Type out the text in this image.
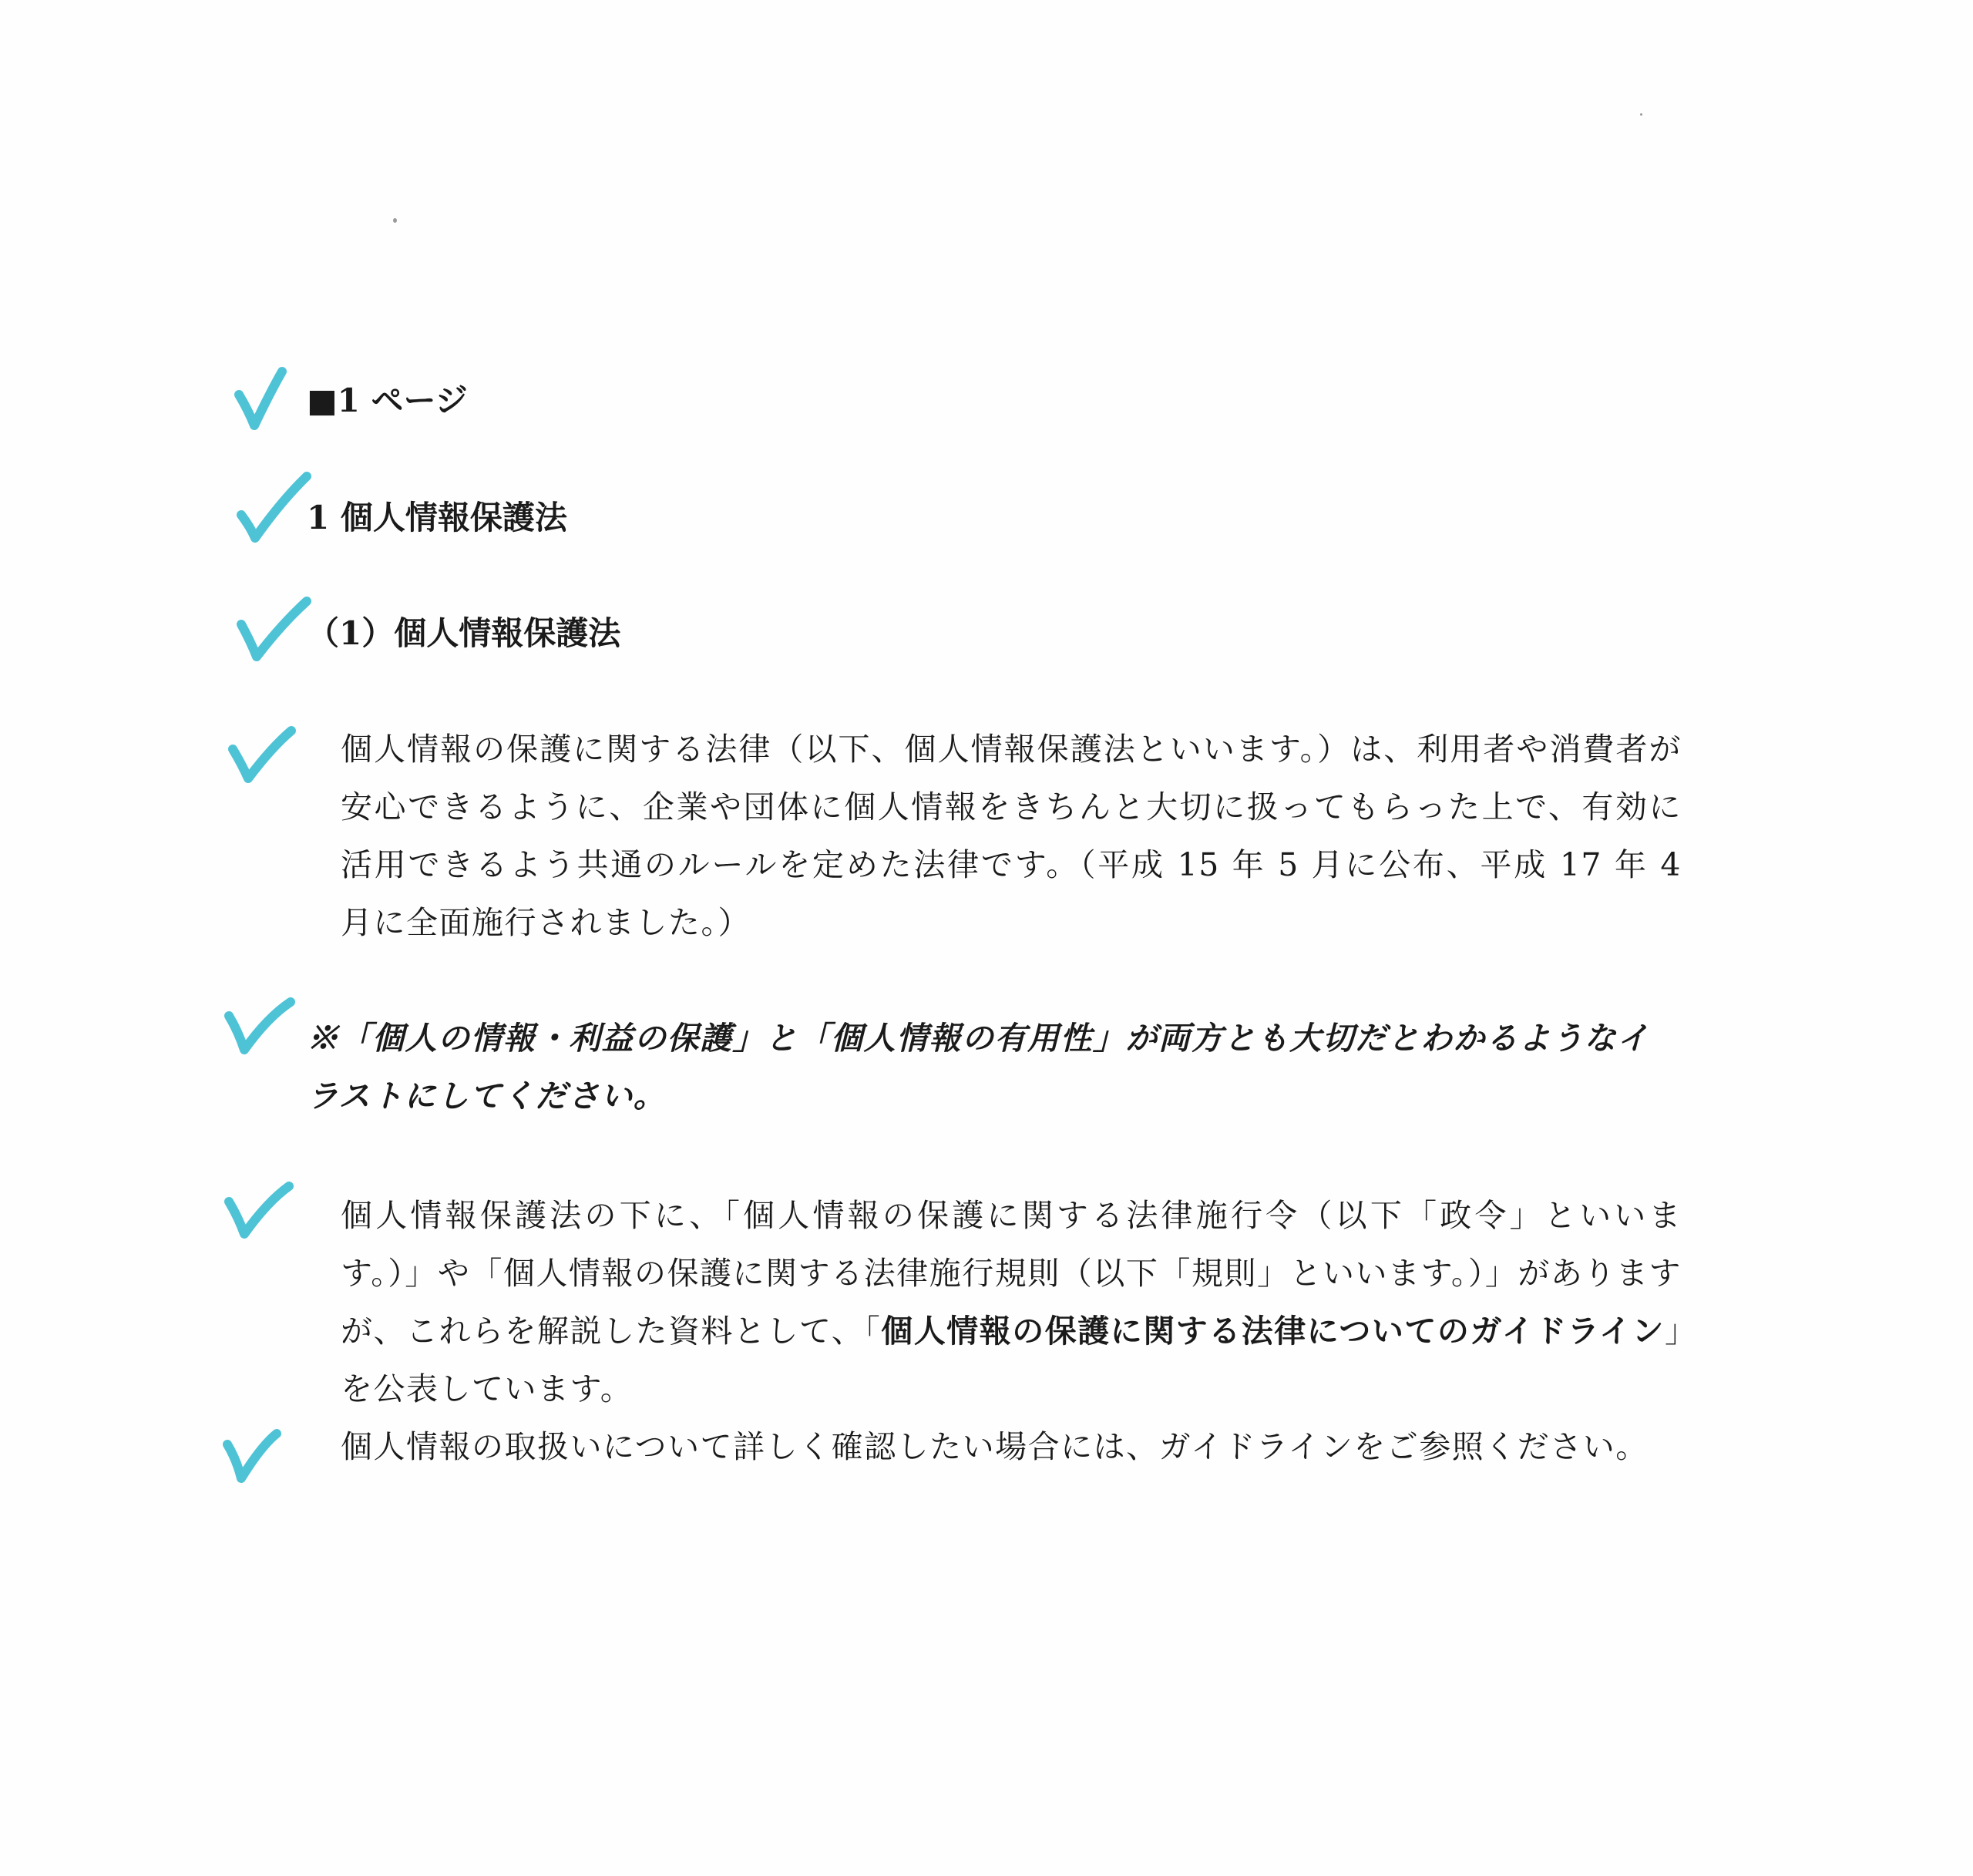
■1 ページ
1 個人情報保護法
（1）個人情報保護法
個人情報の保護に関する法律（以下、個人情報保護法といいます。）は、利用者や消費者が安心できるように、企業や団体に個人情報をきちんと大切に扱ってもらった上で、有効に活用できるよう共通のルールを定めた法律です。（平成 15 年 5 月に公布、平成 17 年 4 月に全面施行されました。）
※「個人の情報・利益の保護」と「個人情報の有用性」が両方とも大切だとわかるようなイラストにしてください。
個人情報保護法の下に、「個人情報の保護に関する法律施行令（以下「政令」といいます。）」や「個人情報の保護に関する法律施行規則（以下「規則」といいます。）」がありますが、これらを解説した資料として、「個人情報の保護に関する法律についてのガイドライン」を公表しています。
個人情報の取扱いについて詳しく確認したい場合には、ガイドラインをご参照ください。
